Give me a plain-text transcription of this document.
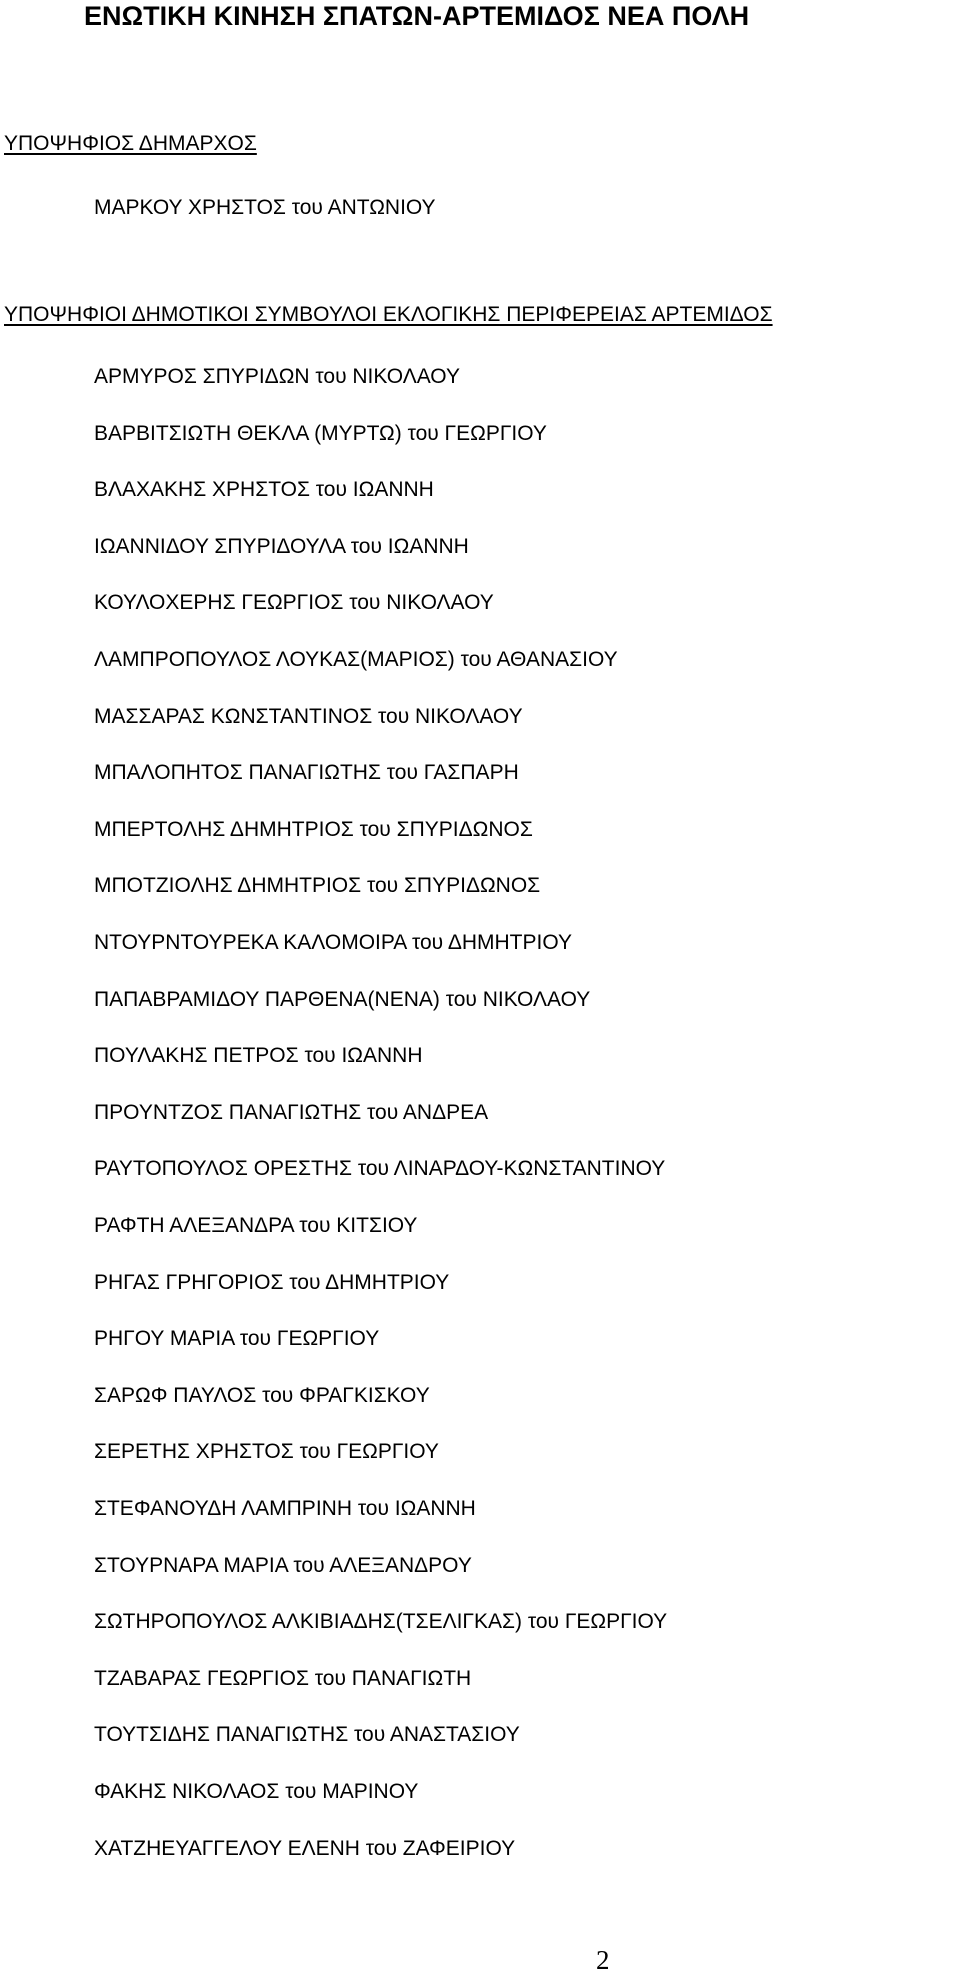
ΕΝΩΤΙΚΗ ΚΙΝΗΣΗ ΣΠΑΤΩΝ-ΑΡΤΕΜΙΔΟΣ ΝΕΑ ΠΟΛΗ
ΥΠΟΨΗΦΙΟΣ ΔΗΜΑΡΧΟΣ
ΜΑΡΚΟΥ ΧΡΗΣΤΟΣ του ΑΝΤΩΝΙΟΥ
ΥΠΟΨΗΦΙΟΙ ΔΗΜΟΤΙΚΟΙ ΣΥΜΒΟΥΛΟΙ ΕΚΛΟΓΙΚΗΣ ΠΕΡΙΦΕΡΕΙΑΣ ΑΡΤΕΜΙΔΟΣ
ΑΡΜΥΡΟΣ ΣΠΥΡΙΔΩΝ του ΝΙΚΟΛΑΟΥ
ΒΑΡΒΙΤΣΙΩΤΗ ΘΕΚΛΑ (ΜΥΡΤΩ) του ΓΕΩΡΓΙΟΥ
ΒΛΑΧΑΚΗΣ ΧΡΗΣΤΟΣ του ΙΩΑΝΝΗ
ΙΩΑΝΝΙΔΟΥ ΣΠΥΡΙΔΟΥΛΑ του ΙΩΑΝΝΗ
ΚΟΥΛΟΧΕΡΗΣ ΓΕΩΡΓΙΟΣ του ΝΙΚΟΛΑΟΥ
ΛΑΜΠΡΟΠΟΥΛΟΣ ΛΟΥΚΑΣ(ΜΑΡΙΟΣ) του ΑΘΑΝΑΣΙΟΥ
ΜΑΣΣΑΡΑΣ ΚΩΝΣΤΑΝΤΙΝΟΣ του ΝΙΚΟΛΑΟΥ
ΜΠΑΛΟΠΗΤΟΣ ΠΑΝΑΓΙΩΤΗΣ του ΓΑΣΠΑΡΗ
ΜΠΕΡΤΟΛΗΣ ΔΗΜΗΤΡΙΟΣ του ΣΠΥΡΙΔΩΝΟΣ
ΜΠΟΤΖΙΟΛΗΣ ΔΗΜΗΤΡΙΟΣ του ΣΠΥΡΙΔΩΝΟΣ
ΝΤΟΥΡΝΤΟΥΡΕΚΑ ΚΑΛΟΜΟΙΡΑ του ΔΗΜΗΤΡΙΟΥ
ΠΑΠΑΒΡΑΜΙΔΟΥ ΠΑΡΘΕΝΑ(ΝΕΝΑ) του ΝΙΚΟΛΑΟΥ
ΠΟΥΛΑΚΗΣ ΠΕΤΡΟΣ του ΙΩΑΝΝΗ
ΠΡΟΥΝΤΖΟΣ ΠΑΝΑΓΙΩΤΗΣ του ΑΝΔΡΕΑ
ΡΑΥΤΟΠΟΥΛΟΣ ΟΡΕΣΤΗΣ του ΛΙΝΑΡΔΟΥ-ΚΩΝΣΤΑΝΤΙΝΟΥ
ΡΑΦΤΗ ΑΛΕΞΑΝΔΡΑ του ΚΙΤΣΙΟΥ
ΡΗΓΑΣ ΓΡΗΓΟΡΙΟΣ του ΔΗΜΗΤΡΙΟΥ
ΡΗΓΟΥ ΜΑΡΙΑ του ΓΕΩΡΓΙΟΥ
ΣΑΡΩΦ ΠΑΥΛΟΣ του ΦΡΑΓΚΙΣΚΟΥ
ΣΕΡΕΤΗΣ ΧΡΗΣΤΟΣ του ΓΕΩΡΓΙΟΥ
ΣΤΕΦΑΝΟΥΔΗ ΛΑΜΠΡΙΝΗ του ΙΩΑΝΝΗ
ΣΤΟΥΡΝΑΡΑ ΜΑΡΙΑ του ΑΛΕΞΑΝΔΡΟΥ
ΣΩΤΗΡΟΠΟΥΛΟΣ ΑΛΚΙΒΙΑΔΗΣ(ΤΣΕΛΙΓΚΑΣ) του ΓΕΩΡΓΙΟΥ
ΤΖΑΒΑΡΑΣ ΓΕΩΡΓΙΟΣ του ΠΑΝΑΓΙΩΤΗ
ΤΟΥΤΣΙΔΗΣ ΠΑΝΑΓΙΩΤΗΣ του ΑΝΑΣΤΑΣΙΟΥ
ΦΑΚΗΣ ΝΙΚΟΛΑΟΣ του ΜΑΡΙΝΟΥ
ΧΑΤΖΗΕΥΑΓΓΕΛΟΥ ΕΛΕΝΗ του ΖΑΦΕΙΡΙΟΥ
2
